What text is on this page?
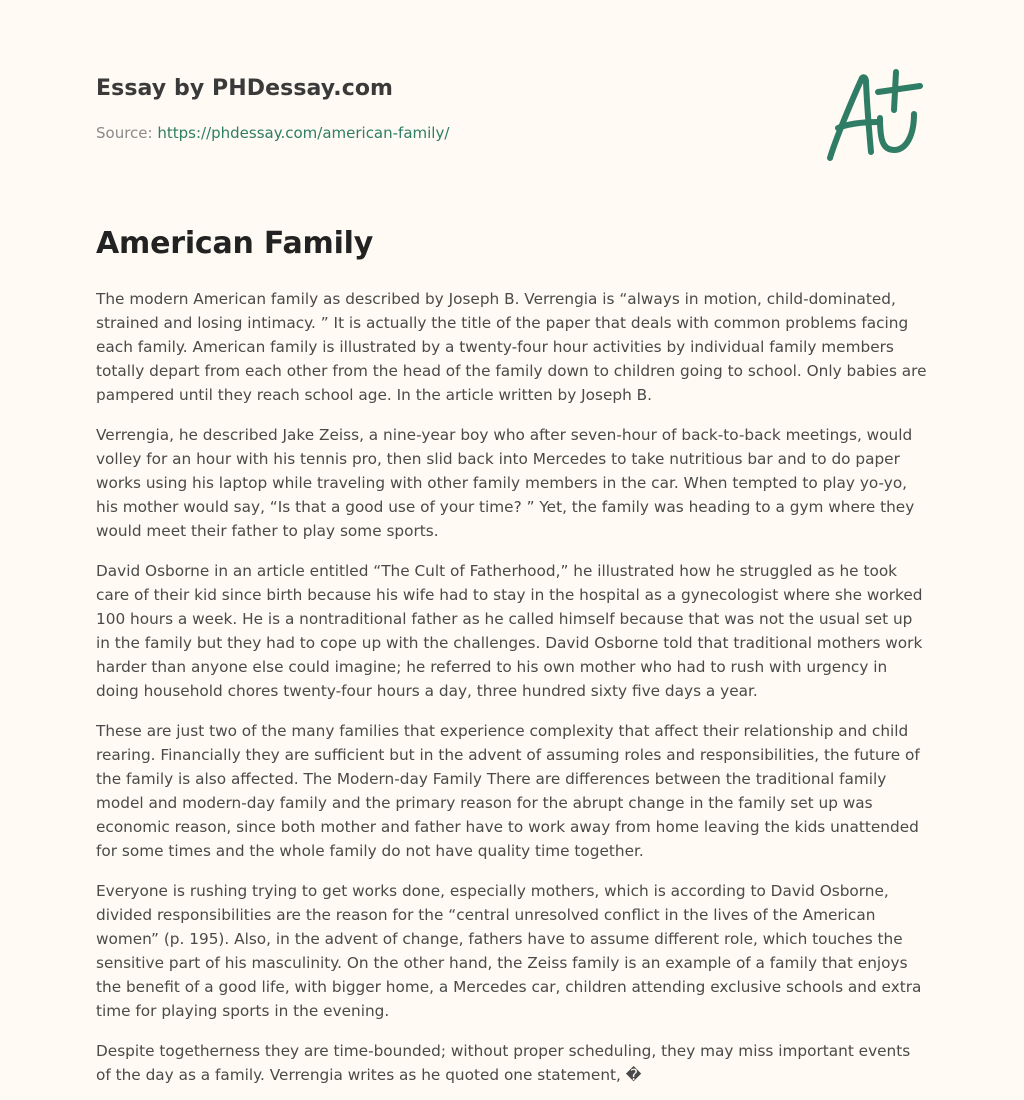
Essay by PHDessay.com
Source: https://phdessay.com/american-family/
American Family

The modern American family as described by Joseph B. Verrengia is “always in motion, child-dominated, strained and losing intimacy. ” It is actually the title of the paper that deals with common problems facing each family. American family is illustrated by a twenty-four hour activities by individual family members totally depart from each other from the head of the family down to children going to school. Only babies are pampered until they reach school age. In the article written by Joseph B.

Verrengia, he described Jake Zeiss, a nine-year boy who after seven-hour of back-to-back meetings, would volley for an hour with his tennis pro, then slid back into Mercedes to take nutritious bar and to do paper works using his laptop while traveling with other family members in the car. When tempted to play yo-yo, his mother would say, “Is that a good use of your time? ” Yet, the family was heading to a gym where they would meet their father to play some sports.

David Osborne in an article entitled “The Cult of Fatherhood,” he illustrated how he struggled as he took care of their kid since birth because his wife had to stay in the hospital as a gynecologist where she worked 100 hours a week. He is a nontraditional father as he called himself because that was not the usual set up in the family but they had to cope up with the challenges. David Osborne told that traditional mothers work harder than anyone else could imagine; he referred to his own mother who had to rush with urgency in doing household chores twenty-four hours a day, three hundred sixty five days a year.

These are just two of the many families that experience complexity that affect their relationship and child rearing. Financially they are sufficient but in the advent of assuming roles and responsibilities, the future of the family is also affected. The Modern-day Family There are differences between the traditional family model and modern-day family and the primary reason for the abrupt change in the family set up was economic reason, since both mother and father have to work away from home leaving the kids unattended for some times and the whole family do not have quality time together.

Everyone is rushing trying to get works done, especially mothers, which is according to David Osborne, divided responsibilities are the reason for the “central unresolved conflict in the lives of the American women” (p. 195). Also, in the advent of change, fathers have to assume different role, which touches the sensitive part of his masculinity. On the other hand, the Zeiss family is an example of a family that enjoys the benefit of a good life, with bigger home, a Mercedes car, children attending exclusive schools and extra time for playing sports in the evening.

Despite togetherness they are time-bounded; without proper scheduling, they may miss important events of the day as a family. Verrengia writes as he quoted one statement, �
